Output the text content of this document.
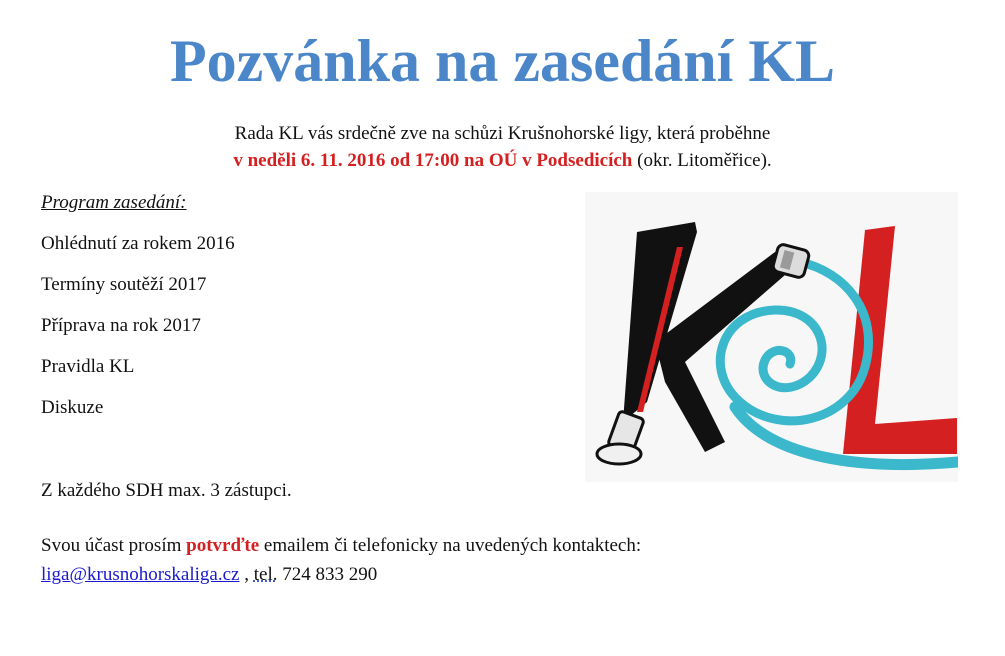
Pozvánka na zasedání KL
Rada KL vás srdečně zve na schůzi Krušnohorské ligy, která proběhne
v neděli 6. 11. 2016 od 17:00 na OÚ v Podsedicích (okr. Litoměřice).
Program zasedání:
Ohlédnutí za rokem 2016
Termíny soutěží 2017
Příprava na rok 2017
Pravidla KL
Diskuze
Z každého SDH max. 3 zástupci.
Svou účast prosím potvrďte emailem či telefonicky na uvedených kontaktech:
liga@krusnohorskaliga.cz , tel. 724 833 290
